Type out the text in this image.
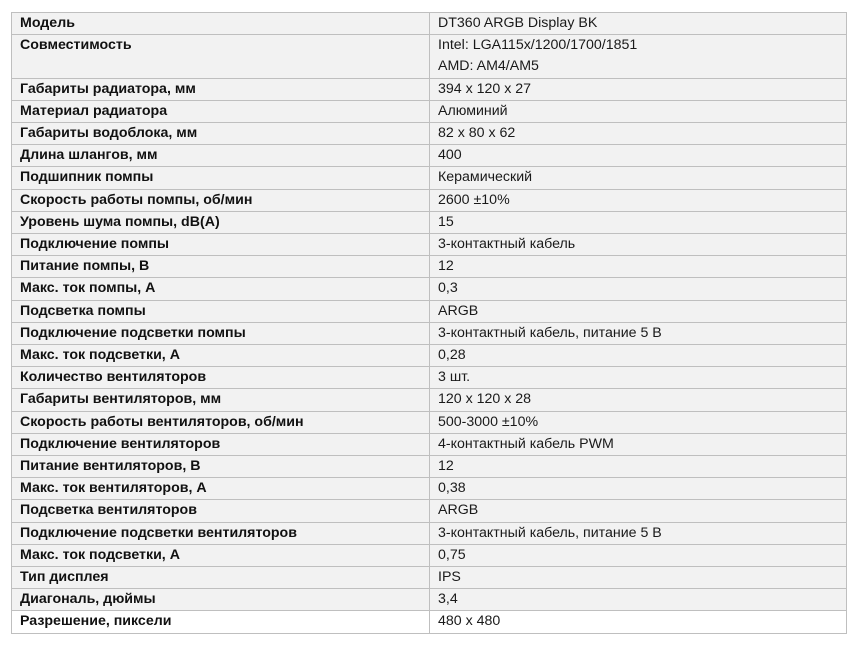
Модель	DT360 ARGB Display BK
Совместимость	Intel: LGA115x/1200/1700/1851
AMD: AM4/AM5

Габариты радиатора, мм	394 x 120 x 27
Материал радиатора	Алюминий
Габариты водоблока, мм	82 x 80 x 62
Длина шлангов, мм	400
Подшипник помпы	Керамический
Скорость работы помпы, об/мин	2600 ±10%
Уровень шума помпы, dB(A)	15
Подключение помпы	3-контактный кабель
Питание помпы, В	12
Макс. ток помпы, А	0,3
Подсветка помпы	ARGB
Подключение подсветки помпы	3-контактный кабель, питание 5 В
Макс. ток подсветки, А	0,28
Количество вентиляторов	3 шт.
Габариты вентиляторов, мм	120 x 120 x 28
Скорость работы вентиляторов, об/мин	500-3000 ±10%
Подключение вентиляторов	4-контактный кабель PWM
Питание вентиляторов, В	12
Макс. ток вентиляторов, А	0,38
Подсветка вентиляторов	ARGB
Подключение подсветки вентиляторов	3-контактный кабель, питание 5 В
Макс. ток подсветки, А	0,75
Тип дисплея	IPS
Диагональ, дюймы	3,4
Разрешение, пиксели	480 x 480
